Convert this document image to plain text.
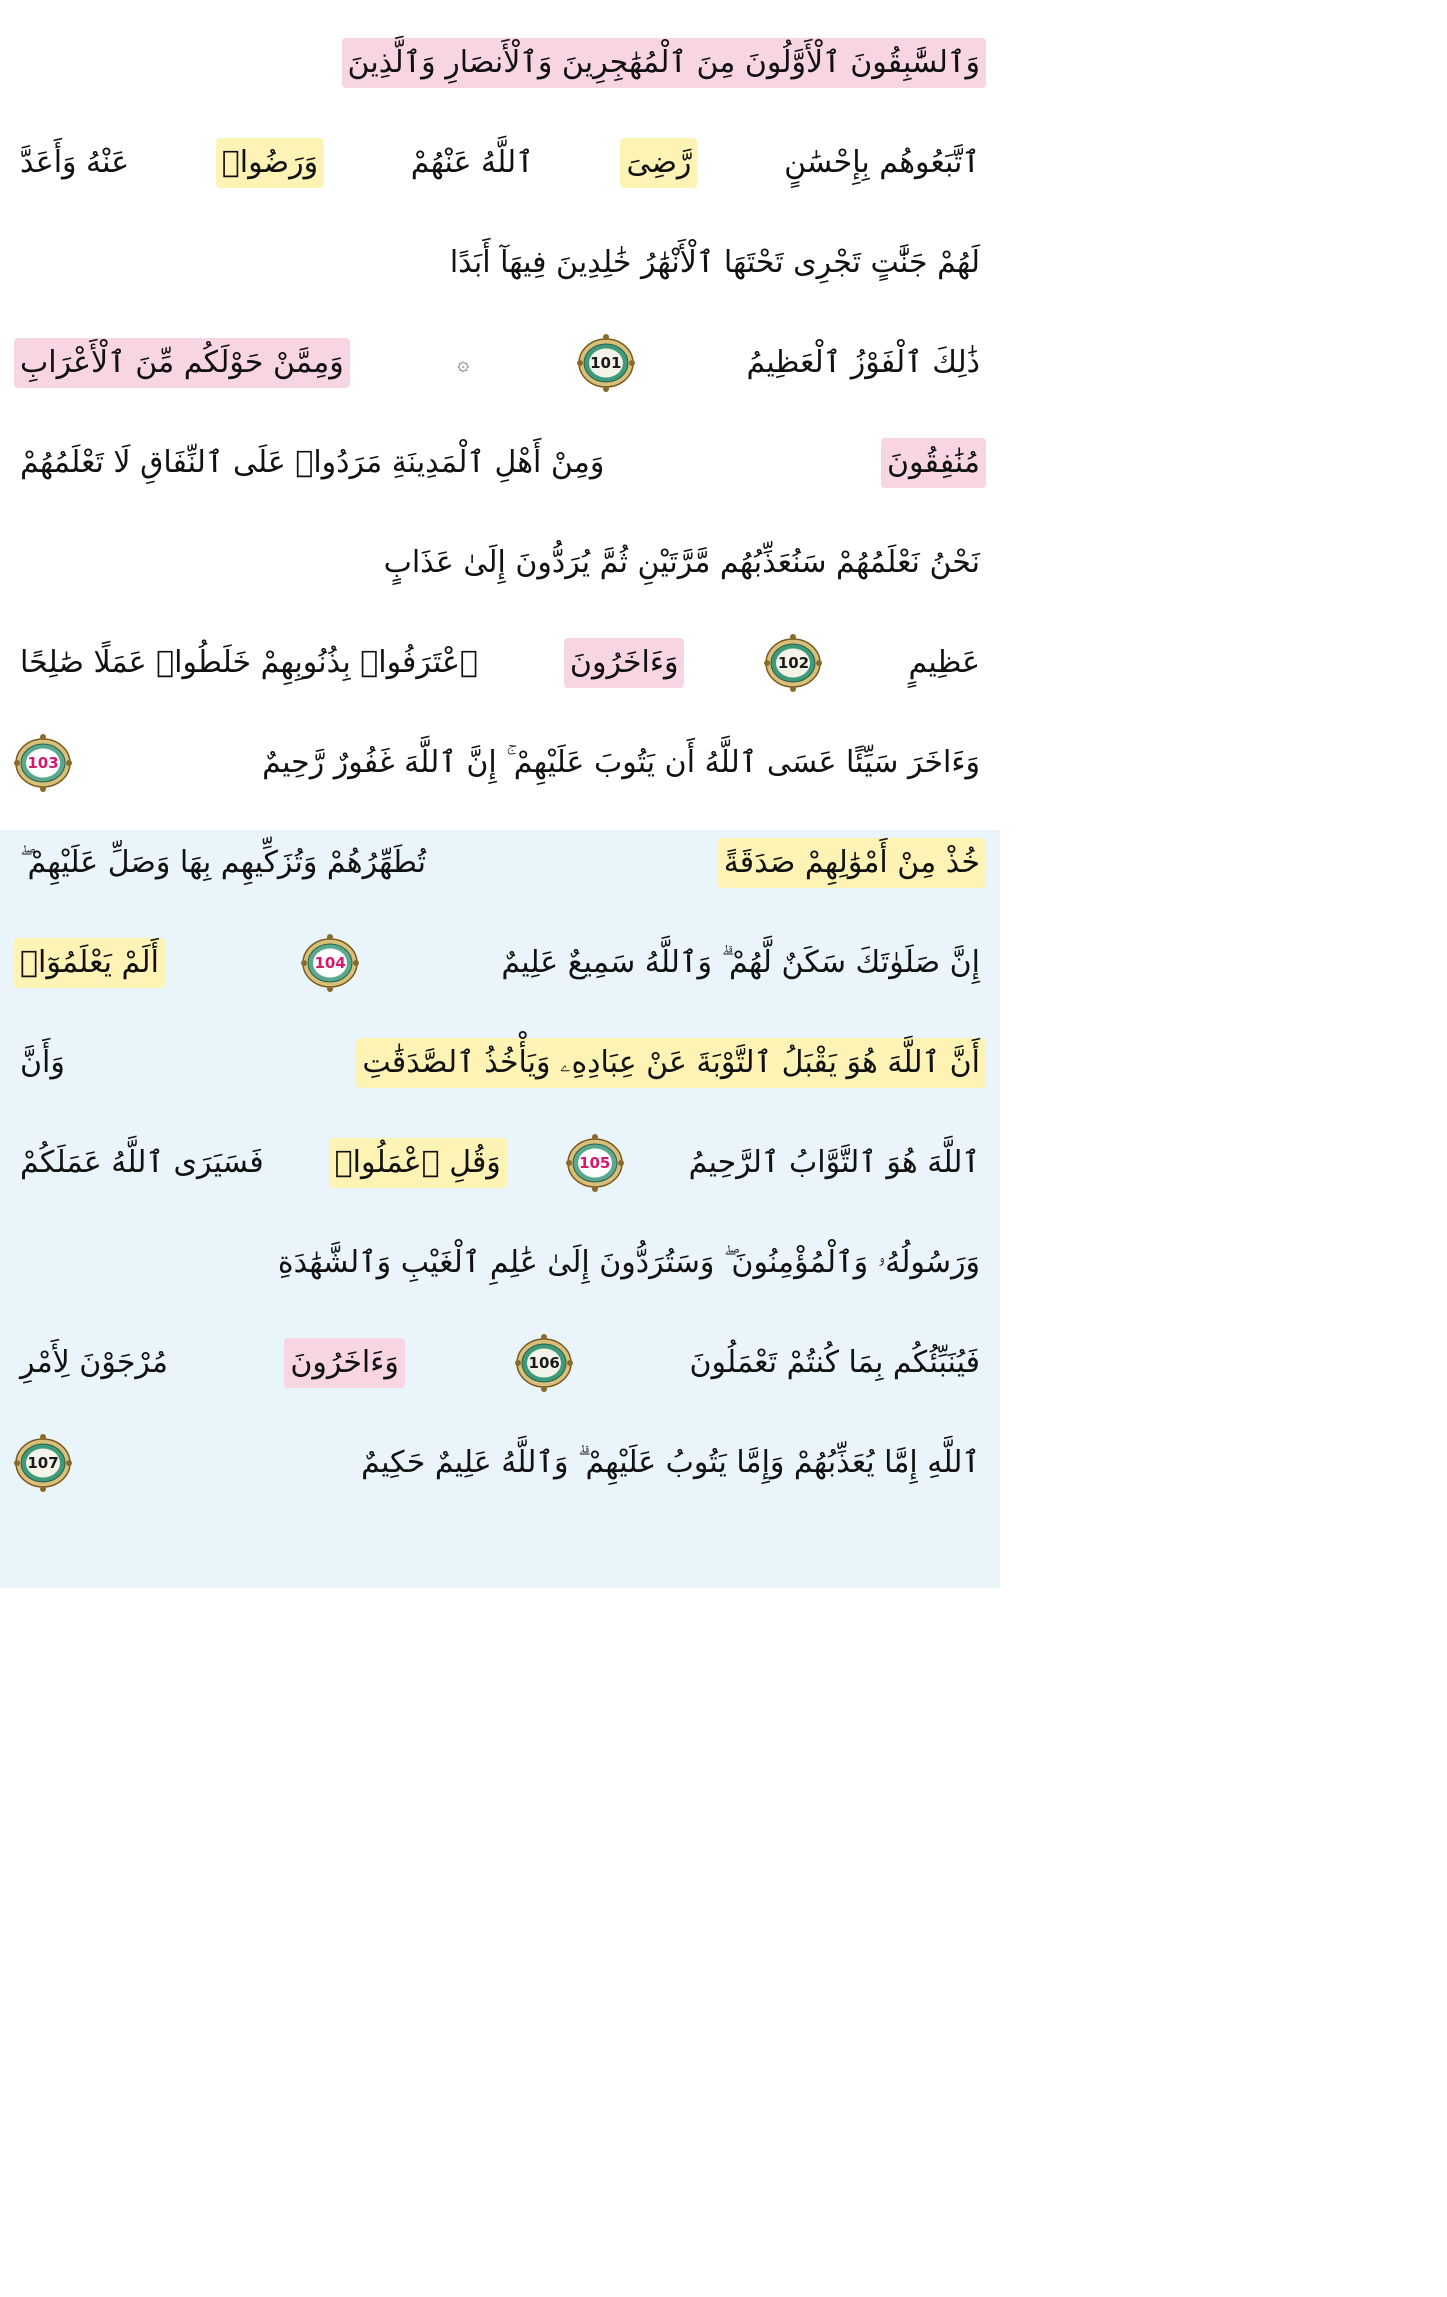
وَٱلسَّٰبِقُونَ ٱلْأَوَّلُونَ مِنَ ٱلْمُهَٰجِرِينَ وَٱلْأَنصَارِ وَٱلَّذِينَ
ٱتَّبَعُوهُم بِإِحْسَٰنٍ
رَّضِىَ
ٱللَّهُ عَنْهُمْ
وَرَضُوا۟
عَنْهُ وَأَعَدَّ
لَهُمْ جَنَّٰتٍ تَجْرِى تَحْتَهَا ٱلْأَنْهَٰرُ خَٰلِدِينَ فِيهَآ أَبَدًا
ذَٰلِكَ ٱلْفَوْزُ ٱلْعَظِيمُ
101
۞
وَمِمَّنْ حَوْلَكُم مِّنَ ٱلْأَعْرَابِ
مُنَٰفِقُونَ
وَمِنْ أَهْلِ ٱلْمَدِينَةِ مَرَدُوا۟ عَلَى ٱلنِّفَاقِ لَا تَعْلَمُهُمْ
نَحْنُ نَعْلَمُهُمْ سَنُعَذِّبُهُم مَّرَّتَيْنِ ثُمَّ يُرَدُّونَ إِلَىٰ عَذَابٍ
عَظِيمٍ
102
وَءَاخَرُونَ
ٱعْتَرَفُوا۟ بِذُنُوبِهِمْ خَلَطُوا۟ عَمَلًا صَٰلِحًا
وَءَاخَرَ سَيِّئًا عَسَى ٱللَّهُ أَن يَتُوبَ عَلَيْهِمْ ۚ إِنَّ ٱللَّهَ غَفُورٌ رَّحِيمٌ
103
خُذْ مِنْ أَمْوَٰلِهِمْ صَدَقَةً
تُطَهِّرُهُمْ وَتُزَكِّيهِم بِهَا وَصَلِّ عَلَيْهِمْ ۖ
إِنَّ صَلَوٰتَكَ سَكَنٌ لَّهُمْ ۗ وَٱللَّهُ سَمِيعٌ عَلِيمٌ
104
أَلَمْ يَعْلَمُوٓا۟
أَنَّ ٱللَّهَ هُوَ يَقْبَلُ ٱلتَّوْبَةَ عَنْ عِبَادِهِۦ وَيَأْخُذُ ٱلصَّدَقَٰتِ
وَأَنَّ
ٱللَّهَ هُوَ ٱلتَّوَّابُ ٱلرَّحِيمُ
105
وَقُلِ ٱعْمَلُوا۟
فَسَيَرَى ٱللَّهُ عَمَلَكُمْ
وَرَسُولُهُۥ وَٱلْمُؤْمِنُونَ ۖ وَسَتُرَدُّونَ إِلَىٰ عَٰلِمِ ٱلْغَيْبِ وَٱلشَّهَٰدَةِ
فَيُنَبِّئُكُم بِمَا كُنتُمْ تَعْمَلُونَ
106
وَءَاخَرُونَ
مُرْجَوْنَ لِأَمْرِ
ٱللَّهِ إِمَّا يُعَذِّبُهُمْ وَإِمَّا يَتُوبُ عَلَيْهِمْ ۗ وَٱللَّهُ عَلِيمٌ حَكِيمٌ
107
